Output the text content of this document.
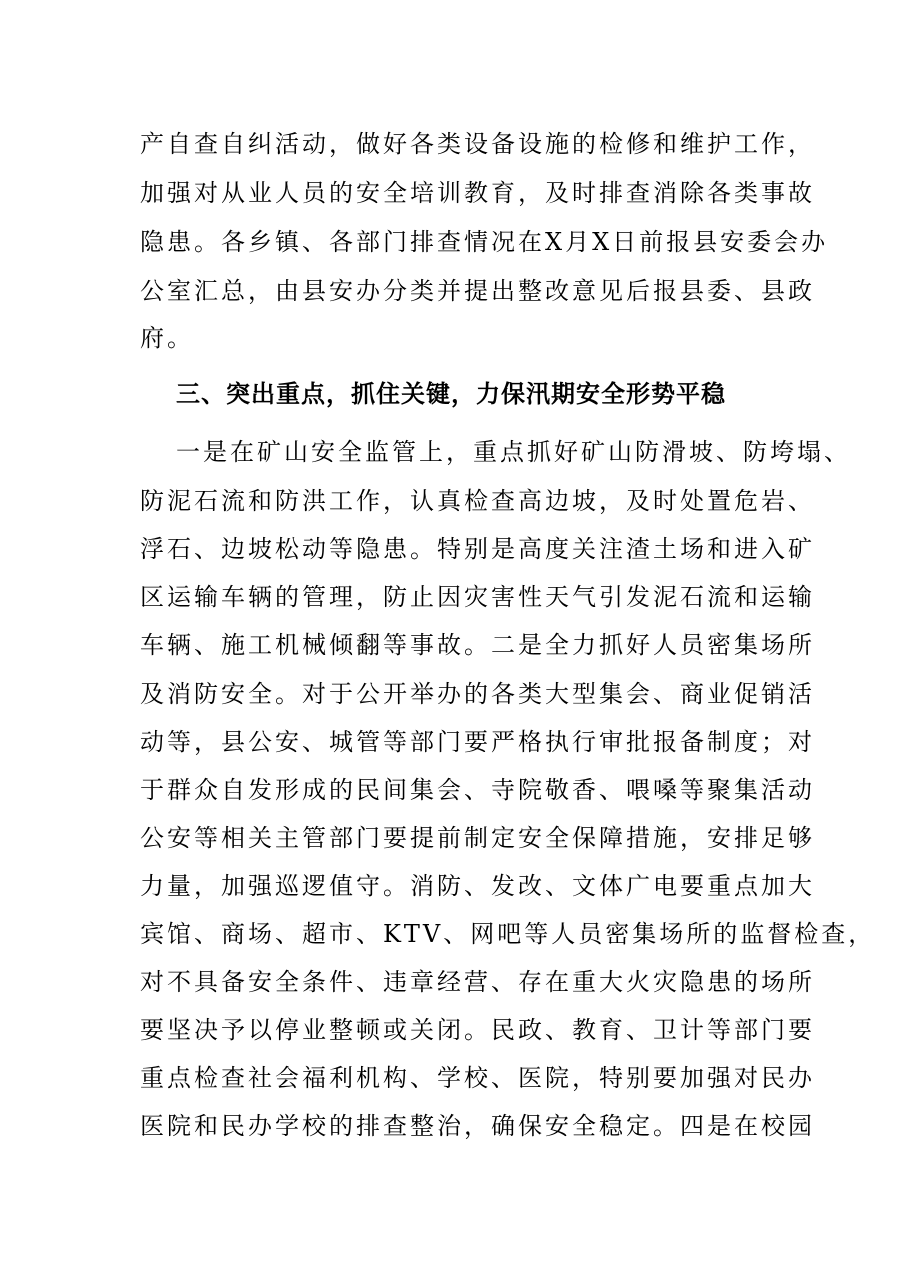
产自查自纠活动，做好各类设备设施的检修和维护工作，
加强对从业人员的安全培训教育，及时排查消除各类事故
隐患。各乡镇、各部门排查情况在X月X日前报县安委会办
公室汇总，由县安办分类并提出整改意见后报县委、县政
府。
三、突出重点，抓住关键，力保汛期安全形势平稳
一是在矿山安全监管上，重点抓好矿山防滑坡、防垮塌、
防泥石流和防洪工作，认真检查高边坡，及时处置危岩、
浮石、边坡松动等隐患。特别是高度关注渣土场和进入矿
区运输车辆的管理，防止因灾害性天气引发泥石流和运输
车辆、施工机械倾翻等事故。二是全力抓好人员密集场所
及消防安全。对于公开举办的各类大型集会、商业促销活
动等，县公安、城管等部门要严格执行审批报备制度；对
于群众自发形成的民间集会、寺院敬香、喂嗓等聚集活动
公安等相关主管部门要提前制定安全保障措施，安排足够
力量，加强巡逻值守。消防、发改、文体广电要重点加大
宾馆、商场、超市、KTV、网吧等人员密集场所的监督检查，
对不具备安全条件、违章经营、存在重大火灾隐患的场所
要坚决予以停业整顿或关闭。民政、教育、卫计等部门要
重点检查社会福利机构、学校、医院，特别要加强对民办
医院和民办学校的排查整治，确保安全稳定。四是在校园
